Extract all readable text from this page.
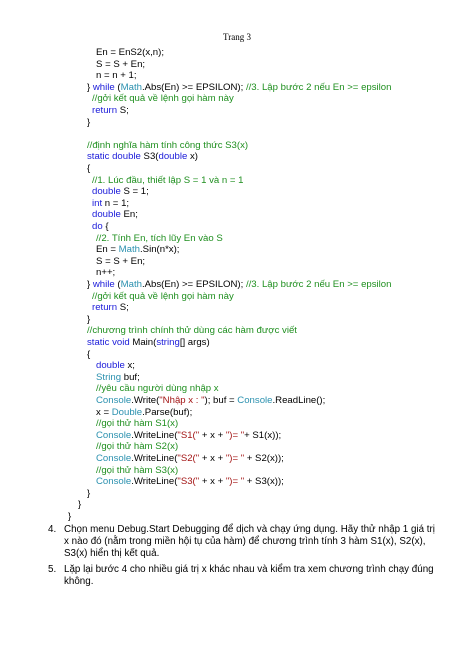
Trang 3
En = EnS2(x,n);
S = S + En;
n = n + 1;
} while (Math.Abs(En) >= EPSILON); //3. Lập bước 2 nếu En >= epsilon
//gởi kết quả về lệnh gọi hàm này
return S;
}
//định nghĩa hàm tính công thức S3(x)
static double S3(double x)
{
//1. Lúc đầu, thiết lập S = 1 và n = 1
double S = 1;
int n = 1;
double En;
do {
//2. Tính En, tích lũy En vào S
En = Math.Sin(n*x);
S = S + En;
n++;
} while (Math.Abs(En) >= EPSILON); //3. Lập bước 2 nếu En >= epsilon
//gởi kết quả về lệnh gọi hàm này
return S;
}
//chương trình chính thử dùng các hàm được viết
static void Main(string[] args)
{
double x;
String buf;
//yêu cầu người dùng nhập x
Console.Write("Nhập x : "); buf = Console.ReadLine();
x = Double.Parse(buf);
//gọi thử hàm S1(x)
Console.WriteLine("S1(" + x + ")= "+ S1(x));
//gọi thử hàm S2(x)
Console.WriteLine("S2(" + x + ")= " + S2(x));
//gọi thử hàm S3(x)
Console.WriteLine("S3(" + x + ")= " + S3(x));
}
}
}
4. Chọn menu Debug.Start Debugging để dịch và chạy ứng dụng. Hãy thử nhập 1 giá trị x nào đó (nằm trong miền hội tụ của hàm) để chương trình tính 3 hàm S1(x), S2(x), S3(x) hiển thị kết quả.
5. Lặp lại bước 4 cho nhiều giá trị x khác nhau và kiểm tra xem chương trình chạy đúng không.
